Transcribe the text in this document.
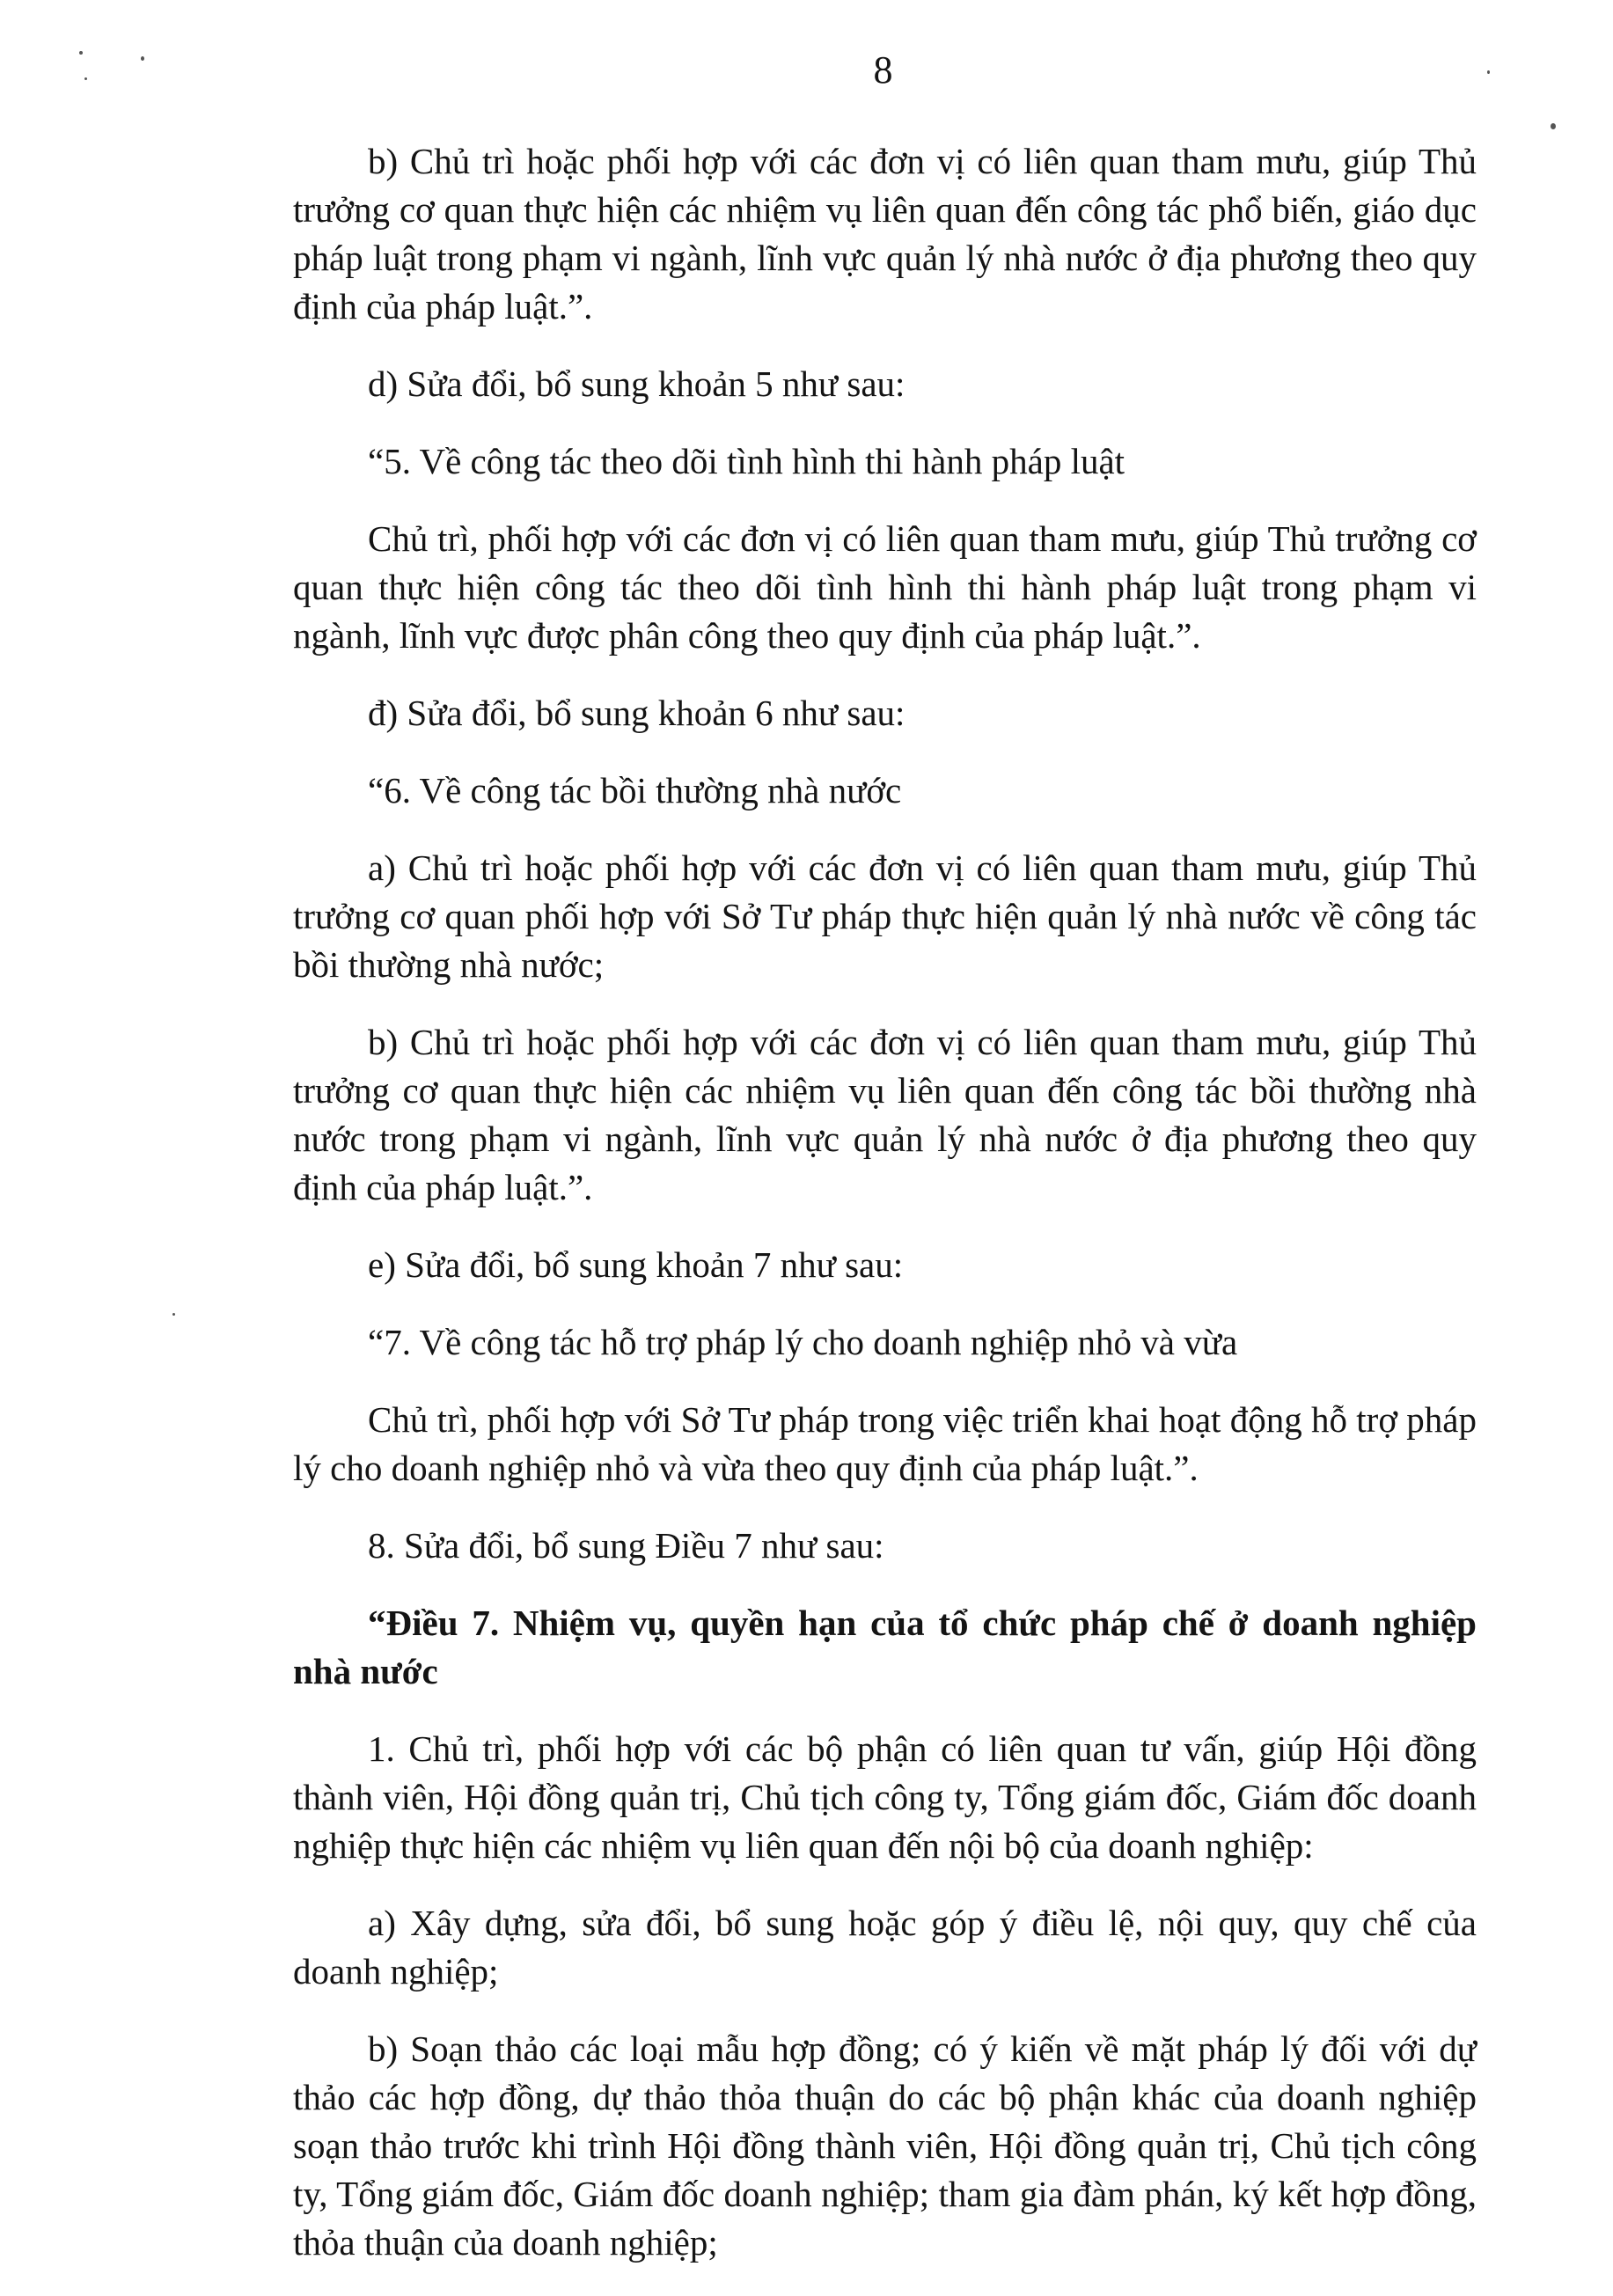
8

b) Chủ trì hoặc phối hợp với các đơn vị có liên quan tham mưu, giúp Thủ trưởng cơ quan thực hiện các nhiệm vụ liên quan đến công tác phổ biến, giáo dục pháp luật trong phạm vi ngành, lĩnh vực quản lý nhà nước ở địa phương theo quy định của pháp luật.”.

d) Sửa đổi, bổ sung khoản 5 như sau:

“5. Về công tác theo dõi tình hình thi hành pháp luật

Chủ trì, phối hợp với các đơn vị có liên quan tham mưu, giúp Thủ trưởng cơ quan thực hiện công tác theo dõi tình hình thi hành pháp luật trong phạm vi ngành, lĩnh vực được phân công theo quy định của pháp luật.”.

đ) Sửa đổi, bổ sung khoản 6 như sau:

“6. Về công tác bồi thường nhà nước

a) Chủ trì hoặc phối hợp với các đơn vị có liên quan tham mưu, giúp Thủ trưởng cơ quan phối hợp với Sở Tư pháp thực hiện quản lý nhà nước về công tác bồi thường nhà nước;

b) Chủ trì hoặc phối hợp với các đơn vị có liên quan tham mưu, giúp Thủ trưởng cơ quan thực hiện các nhiệm vụ liên quan đến công tác bồi thường nhà nước trong phạm vi ngành, lĩnh vực quản lý nhà nước ở địa phương theo quy định của pháp luật.”.

e) Sửa đổi, bổ sung khoản 7 như sau:

“7. Về công tác hỗ trợ pháp lý cho doanh nghiệp nhỏ và vừa

Chủ trì, phối hợp với Sở Tư pháp trong việc triển khai hoạt động hỗ trợ pháp lý cho doanh nghiệp nhỏ và vừa theo quy định của pháp luật.”.

8. Sửa đổi, bổ sung Điều 7 như sau:

“Điều 7. Nhiệm vụ, quyền hạn của tổ chức pháp chế ở doanh nghiệp nhà nước

1. Chủ trì, phối hợp với các bộ phận có liên quan tư vấn, giúp Hội đồng thành viên, Hội đồng quản trị, Chủ tịch công ty, Tổng giám đốc, Giám đốc doanh nghiệp thực hiện các nhiệm vụ liên quan đến nội bộ của doanh nghiệp:

a) Xây dựng, sửa đổi, bổ sung hoặc góp ý điều lệ, nội quy, quy chế của doanh nghiệp;

b) Soạn thảo các loại mẫu hợp đồng; có ý kiến về mặt pháp lý đối với dự thảo các hợp đồng, dự thảo thỏa thuận do các bộ phận khác của doanh nghiệp soạn thảo trước khi trình Hội đồng thành viên, Hội đồng quản trị, Chủ tịch công ty, Tổng giám đốc, Giám đốc doanh nghiệp; tham gia đàm phán, ký kết hợp đồng, thỏa thuận của doanh nghiệp;
